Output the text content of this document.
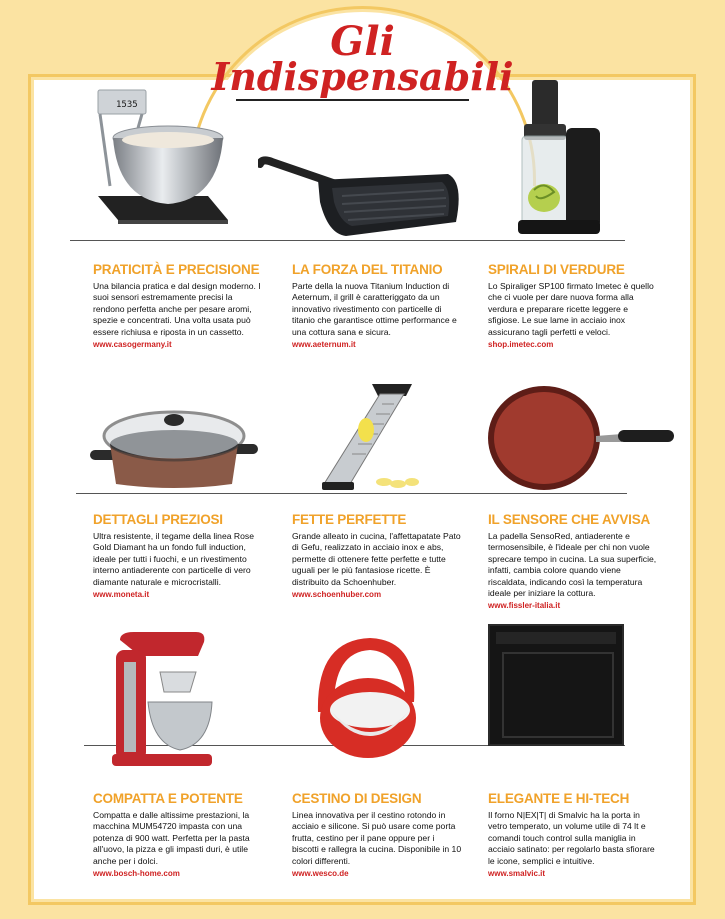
Gli
Indispensabili
1535
PRATICITÀ E PRECISIONE
Una bilancia pratica e dal design moderno. I suoi sensori estremamente precisi la rendono perfetta anche per pesare aromi, spezie e concentrati. Una volta usata può essere richiusa e riposta in un cassetto.
www.casogermany.it
LA FORZA DEL TITANIO
Parte della la nuova Titanium Induction di Aeternum, il grill è caratteriggato da un innovativo rivestimento con particelle di titanio che garantisce ottime performance e una cottura sana e sicura.
www.aeternum.it
SPIRALI DI VERDURE
Lo Spiraliger SP100 firmato Imetec è quello che ci vuole per dare nuova forma alla verdura e preparare ricette leggere e sfigiose. Le sue lame in acciaio inox assicurano tagli perfetti e veloci.
shop.imetec.com
DETTAGLI PREZIOSI
Ultra resistente, il tegame della linea Rose Gold Diamant ha un fondo full induction, ideale per tutti i fuochi, e un rivestimento interno antiaderente con particelle di vero diamante naturale e microcristalli.
www.moneta.it
FETTE PERFETTE
Grande alleato in cucina, l'affettapatate Pato di Gefu, realizzato in acciaio inox e abs, permette di ottenere fette perfette e tutte uguali per le più fantasiose ricette. È distribuito da Schoenhuber.
www.schoenhuber.com
IL SENSORE CHE AVVISA
La padella SensoRed, antiaderente e termosensibile, è l'ideale per chi non vuole sprecare tempo in cucina. La sua superficie, infatti, cambia colore quando viene riscaldata, indicando così la temperatura ideale per iniziare la cottura.
www.fissler-italia.it
COMPATTA E POTENTE
Compatta e dalle altissime prestazioni, la macchina MUM54720 impasta con una potenza di 900 watt. Perfetta per la pasta all'uovo, la pizza e gli impasti duri, è utile anche per i dolci.
www.bosch-home.com
CESTINO DI DESIGN
Linea innovativa per il cestino rotondo in acciaio e silicone. Si può usare come porta frutta, cestino per il pane oppure per i biscotti e rallegra la cucina. Disponibile in 10 colori differenti.
www.wesco.de
ELEGANTE E HI-TECH
Il forno N|EX|T| di Smalvic ha la porta in vetro temperato, un volume utile di 74 lt e comandi touch control sulla maniglia in acciaio satinato: per regolarlo basta sfiorare le icone, semplici e intuitive.
www.smalvic.it
